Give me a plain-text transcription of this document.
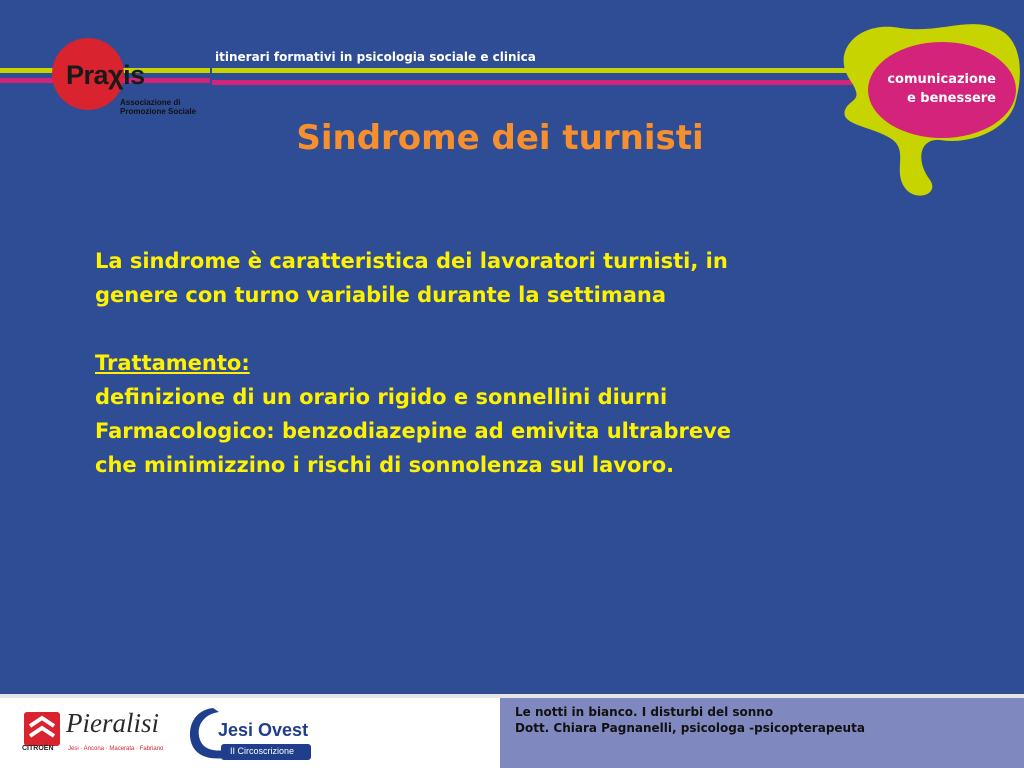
itinerari formativi in psicologia sociale e clinica
Praχis
Associazione di
Promozione Sociale
comunicazione
e benessere
Sindrome dei turnisti
La sindrome è caratteristica dei lavoratori turnisti, in
genere con turno variabile durante la settimana
Trattamento:
definizione di un orario rigido e sonnellini diurni
Farmacologico: benzodiazepine ad emivita ultrabreve
che minimizzino i rischi di sonnolenza sul lavoro.
CITROËN
Pieralisi
Jesi · Ancona · Macerata · Fabriano
Jesi Ovest
II Circoscrizione
Le notti in bianco. I disturbi del sonno
Dott. Chiara Pagnanelli, psicologa -psicopterapeuta
